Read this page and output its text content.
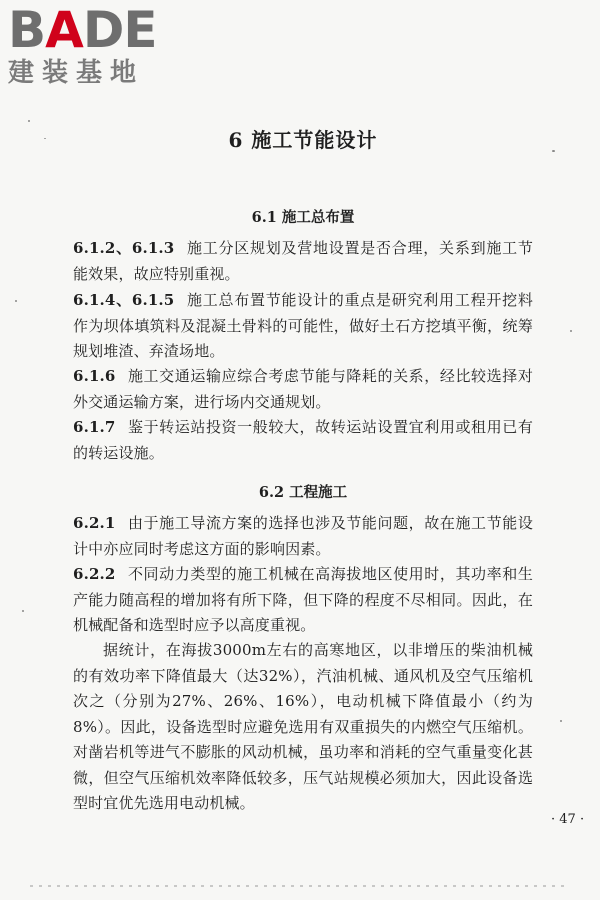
BADE
建装基地
6 施工节能设计
6.1 施工总布置
6.1.2、6.1.3 施工分区规划及营地设置是否合理，关系到施工节能效果，故应特别重视。
6.1.4、6.1.5 施工总布置节能设计的重点是研究利用工程开挖料作为坝体填筑料及混凝土骨料的可能性，做好土石方挖填平衡，统筹规划堆渣、弃渣场地。
6.1.6 施工交通运输应综合考虑节能与降耗的关系，经比较选择对外交通运输方案，进行场内交通规划。
6.1.7 鉴于转运站投资一般较大，故转运站设置宜利用或租用已有的转运设施。
6.2 工程施工
6.2.1 由于施工导流方案的选择也涉及节能问题，故在施工节能设计中亦应同时考虑这方面的影响因素。
6.2.2 不同动力类型的施工机械在高海拔地区使用时，其功率和生产能力随高程的增加将有所下降，但下降的程度不尽相同。因此，在机械配备和选型时应予以高度重视。
据统计，在海拔3000m左右的高寒地区，以非增压的柴油机械的有效功率下降值最大（达32%），汽油机械、通风机及空气压缩机次之（分别为27%、26%、16%），电动机械下降值最小（约为8%）。因此，设备选型时应避免选用有双重损失的内燃空气压缩机。对凿岩机等进气不膨胀的风动机械，虽功率和消耗的空气重量变化甚微，但空气压缩机效率降低较多，压气站规模必须加大，因此设备选型时宜优先选用电动机械。
· 47 ·
